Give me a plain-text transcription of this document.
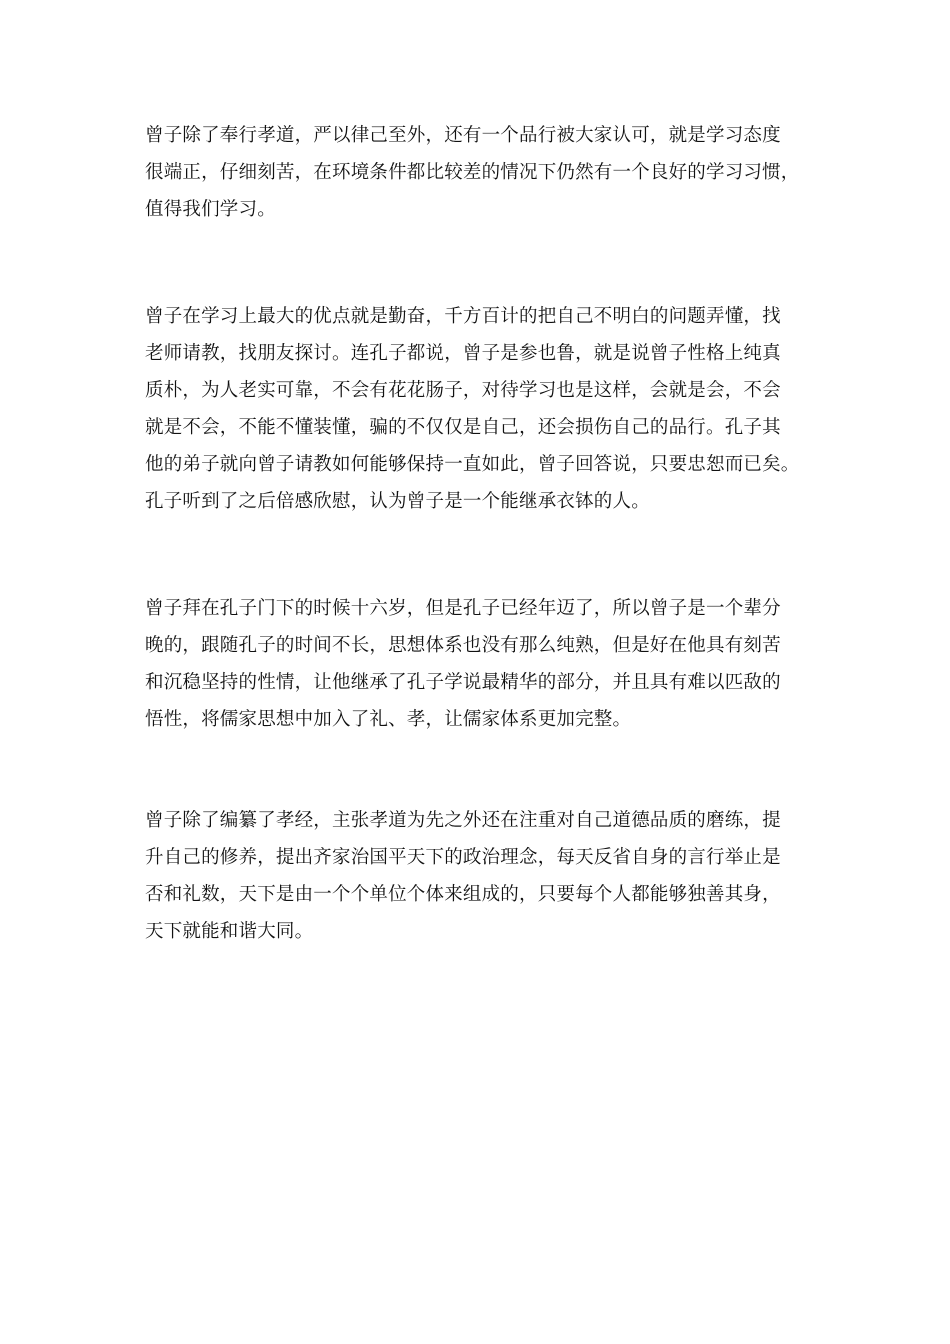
曾子除了奉行孝道，严以律己至外，还有一个品行被大家认可，就是学习态度
很端正，仔细刻苦，在环境条件都比较差的情况下仍然有一个良好的学习习惯，
值得我们学习。
曾子在学习上最大的优点就是勤奋，千方百计的把自己不明白的问题弄懂，找
老师请教，找朋友探讨。连孔子都说，曾子是参也鲁，就是说曾子性格上纯真
质朴，为人老实可靠，不会有花花肠子，对待学习也是这样，会就是会，不会
就是不会，不能不懂装懂，骗的不仅仅是自己，还会损伤自己的品行。孔子其
他的弟子就向曾子请教如何能够保持一直如此，曾子回答说，只要忠恕而已矣。
孔子听到了之后倍感欣慰，认为曾子是一个能继承衣钵的人。
曾子拜在孔子门下的时候十六岁，但是孔子已经年迈了，所以曾子是一个辈分
晚的，跟随孔子的时间不长，思想体系也没有那么纯熟，但是好在他具有刻苦
和沉稳坚持的性情，让他继承了孔子学说最精华的部分，并且具有难以匹敌的
悟性，将儒家思想中加入了礼、孝，让儒家体系更加完整。
曾子除了编纂了孝经，主张孝道为先之外还在注重对自己道德品质的磨练，提
升自己的修养，提出齐家治国平天下的政治理念，每天反省自身的言行举止是
否和礼数，天下是由一个个单位个体来组成的，只要每个人都能够独善其身，
天下就能和谐大同。
